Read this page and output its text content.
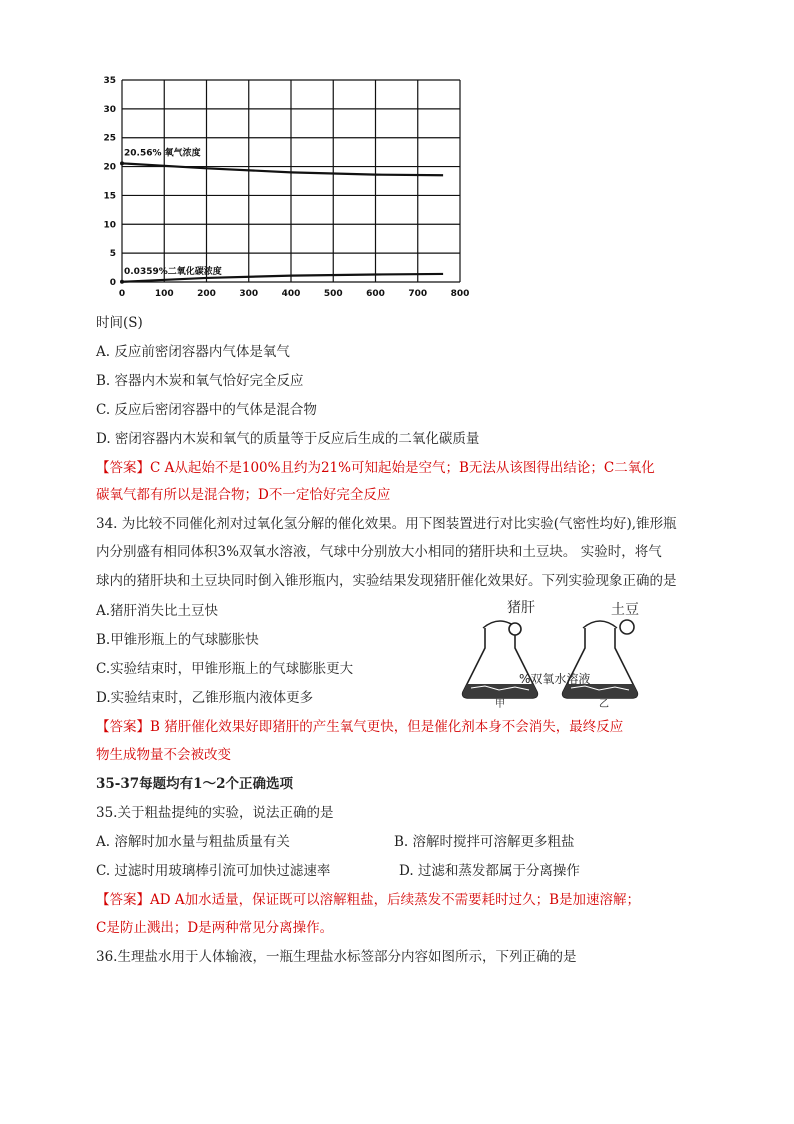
0	100	200	300	400	500	600	700	800
0
5
10
15
20
25
30
35
20.56% 氧气浓度
0.0359%二氧化碳浓度
时间(S)
A. 反应前密闭容器内气体是氧气
B. 容器内木炭和氧气恰好完全反应
C. 反应后密闭容器中的气体是混合物
D. 密闭容器内木炭和氧气的质量等于反应后生成的二氧化碳质量
【答案】C A从起始不是100%且约为21%可知起始是空气；B无法从该图得出结论；C二氧化
碳氧气都有所以是混合物；D不一定恰好完全反应
34. 为比较不同催化剂对过氧化氢分解的催化效果。用下图装置进行对比实验(气密性均好),锥形瓶
内分别盛有相同体积3%双氧水溶液，气球中分别放大小相同的猪肝块和土豆块。 实验时，将气
球内的猪肝块和土豆块同时倒入锥形瓶内，实验结果发现猪肝催化效果好。下列实验现象正确的是
A.猪肝消失比土豆快
B.甲锥形瓶上的气球膨胀快
C.实验结束时，甲锥形瓶上的气球膨胀更大
D.实验结束时，乙锥形瓶内液体更多
【答案】B 猪肝催化效果好即猪肝的产生氧气更快，但是催化剂本身不会消失，最终反应
物生成物量不会被改变
猪肝	土豆
%双氧水溶液
甲	乙
35-37每题均有1～2个正确选项
35.关于粗盐提纯的实验，说法正确的是
A. 溶解时加水量与粗盐质量有关	B. 溶解时搅拌可溶解更多粗盐
C. 过滤时用玻璃棒引流可加快过滤速率	D. 过滤和蒸发都属于分离操作
【答案】AD A加水适量，保证既可以溶解粗盐，后续蒸发不需要耗时过久；B是加速溶解；
C是防止溅出；D是两种常见分离操作。
36.生理盐水用于人体输液，一瓶生理盐水标签部分内容如图所示，下列正确的是
